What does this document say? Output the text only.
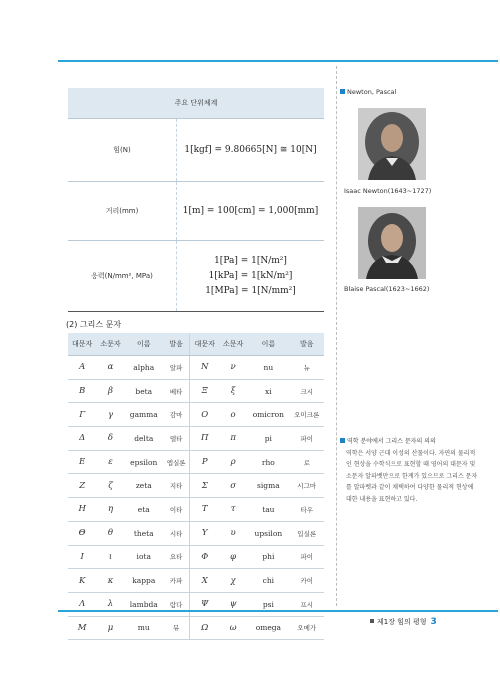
주요 단위체계	
힘(N)	1[kgf] = 9.80665[N] ≅ 10[N]

거리(mm)	1[m] = 100[cm] = 1,000[mm]

응력(N/mm², MPa)	1[Pa] = 1[N/m²]
1[kPa] = 1[kN/m²]
1[MPa] = 1[N/mm²]
(2) 그리스 문자
대문자	소문자	이름	발음	대문자	소문자	이름	발음
A	α	alpha	알파	N	ν	nu	뉴
B	β	beta	베타	Ξ	ξ	xi	크시
Γ	γ	gamma	감마	O	o	omicron	오미크론
Δ	δ	delta	델타	Π	π	pi	파이
E	ε	epsilon	엡실론	P	ρ	rho	로
Z	ζ	zeta	지타	Σ	σ	sigma	시그마
H	η	eta	이타	T	τ	tau	타우
Θ	θ	theta	시타	Υ	υ	upsilon	입실론
I	ι	iota	요타	Φ	φ	phi	파이
K	κ	kappa	카파	X	χ	chi	카이
Λ	λ	lambda	람다	Ψ	ψ	psi	프시
M	μ	mu	뮤	Ω	ω	omega	오메가
Newton, Pascal
Isaac Newton(1643~1727)
Blaise Pascal(1623~1662)
역학 분야에서 그리스 문자의 의의
역학은 서양 근대 이성의 산물이다. 자연의 물리적인 현상을 수학식으로 표현할 때 영어의 대문자 및 소문자 알파벳만으로 한계가 있으므로 그리스 문자를 알파벳과 같이 채택하여 다양한 물리적 현상에 대한 내용을 표현하고 있다.
제1장 힘의 평형 3
